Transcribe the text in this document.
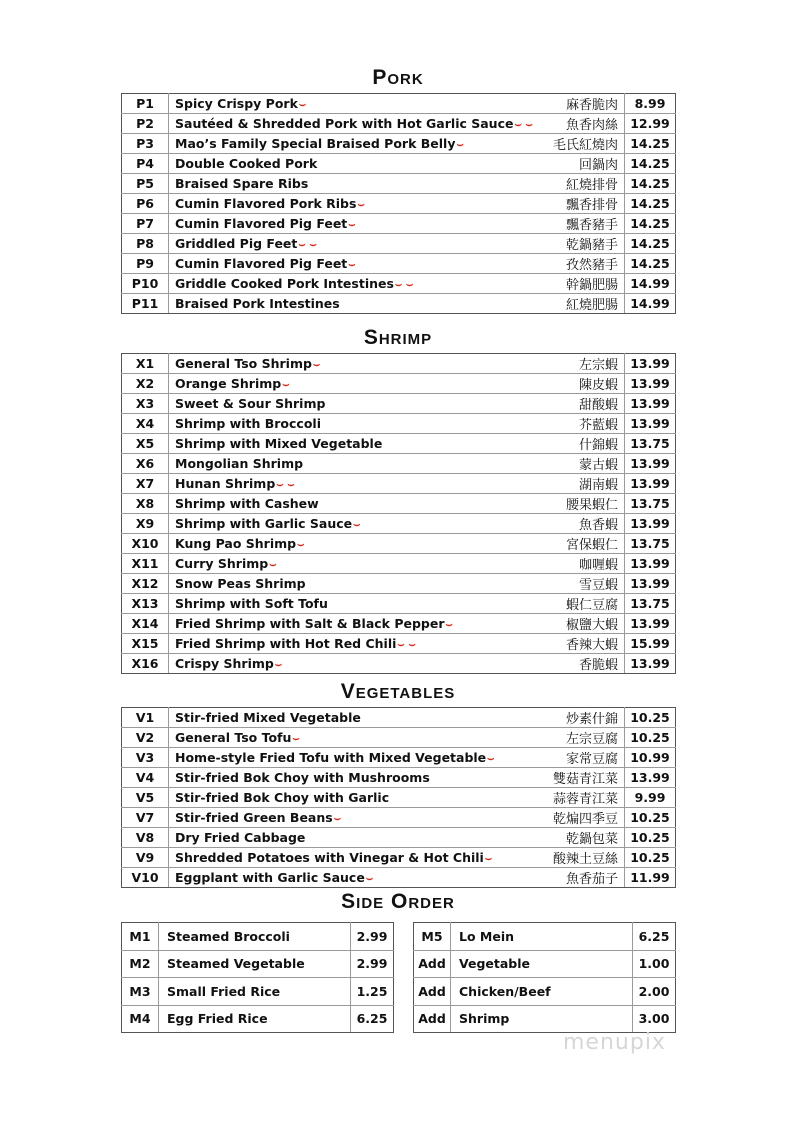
Pork
P1	Spicy Crispy Pork⌣	麻香脆肉	8.99
P2	Sautéed & Shredded Pork with Hot Garlic Sauce⌣ ⌣	魚香肉絲	12.99
P3	Mao’s Family Special Braised Pork Belly⌣	毛氏紅燒肉	14.25
P4	Double Cooked Pork	回鍋肉	14.25
P5	Braised Spare Ribs	紅燒排骨	14.25
P6	Cumin Flavored Pork Ribs⌣	飄香排骨	14.25
P7	Cumin Flavored Pig Feet⌣	飄香豬手	14.25
P8	Griddled Pig Feet⌣ ⌣	乾鍋豬手	14.25
P9	Cumin Flavored Pig Feet⌣	孜然豬手	14.25
P10	Griddle Cooked Pork Intestines⌣ ⌣	幹鍋肥腸	14.99
P11	Braised Pork Intestines	紅燒肥腸	14.99
Shrimp
X1	General Tso Shrimp⌣	左宗蝦	13.99
X2	Orange Shrimp⌣	陳皮蝦	13.99
X3	Sweet & Sour Shrimp	甜酸蝦	13.99
X4	Shrimp with Broccoli	芥藍蝦	13.99
X5	Shrimp with Mixed Vegetable	什錦蝦	13.75
X6	Mongolian Shrimp	蒙古蝦	13.99
X7	Hunan Shrimp⌣ ⌣	湖南蝦	13.99
X8	Shrimp with Cashew	腰果蝦仁	13.75
X9	Shrimp with Garlic Sauce⌣	魚香蝦	13.99
X10	Kung Pao Shrimp⌣	宮保蝦仁	13.75
X11	Curry Shrimp⌣	咖喱蝦	13.99
X12	Snow Peas Shrimp	雪豆蝦	13.99
X13	Shrimp with Soft Tofu	蝦仁豆腐	13.75
X14	Fried Shrimp with Salt & Black Pepper⌣	椒鹽大蝦	13.99
X15	Fried Shrimp with Hot Red Chili⌣ ⌣	香辣大蝦	15.99
X16	Crispy Shrimp⌣	香脆蝦	13.99
Vegetables
V1	Stir-fried Mixed Vegetable	炒素什錦	10.25
V2	General Tso Tofu⌣	左宗豆腐	10.25
V3	Home-style Fried Tofu with Mixed Vegetable⌣	家常豆腐	10.99
V4	Stir-fried Bok Choy with Mushrooms	雙菇青江菜	13.99
V5	Stir-fried Bok Choy with Garlic	蒜蓉青江菜	9.99
V7	Stir-fried Green Beans⌣	乾煸四季豆	10.25
V8	Dry Fried Cabbage	乾鍋包菜	10.25
V9	Shredded Potatoes with Vinegar & Hot Chili⌣	酸辣土豆絲	10.25
V10	Eggplant with Garlic Sauce⌣	魚香茄子	11.99
Side Order
M1	Steamed Broccoli	2.99
M2	Steamed Vegetable	2.99
M3	Small Fried Rice	1.25
M4	Egg Fried Rice	6.25
M5	Lo Mein	6.25
Add	Vegetable	1.00
Add	Chicken/Beef	2.00
Add	Shrimp	3.00
menupix
